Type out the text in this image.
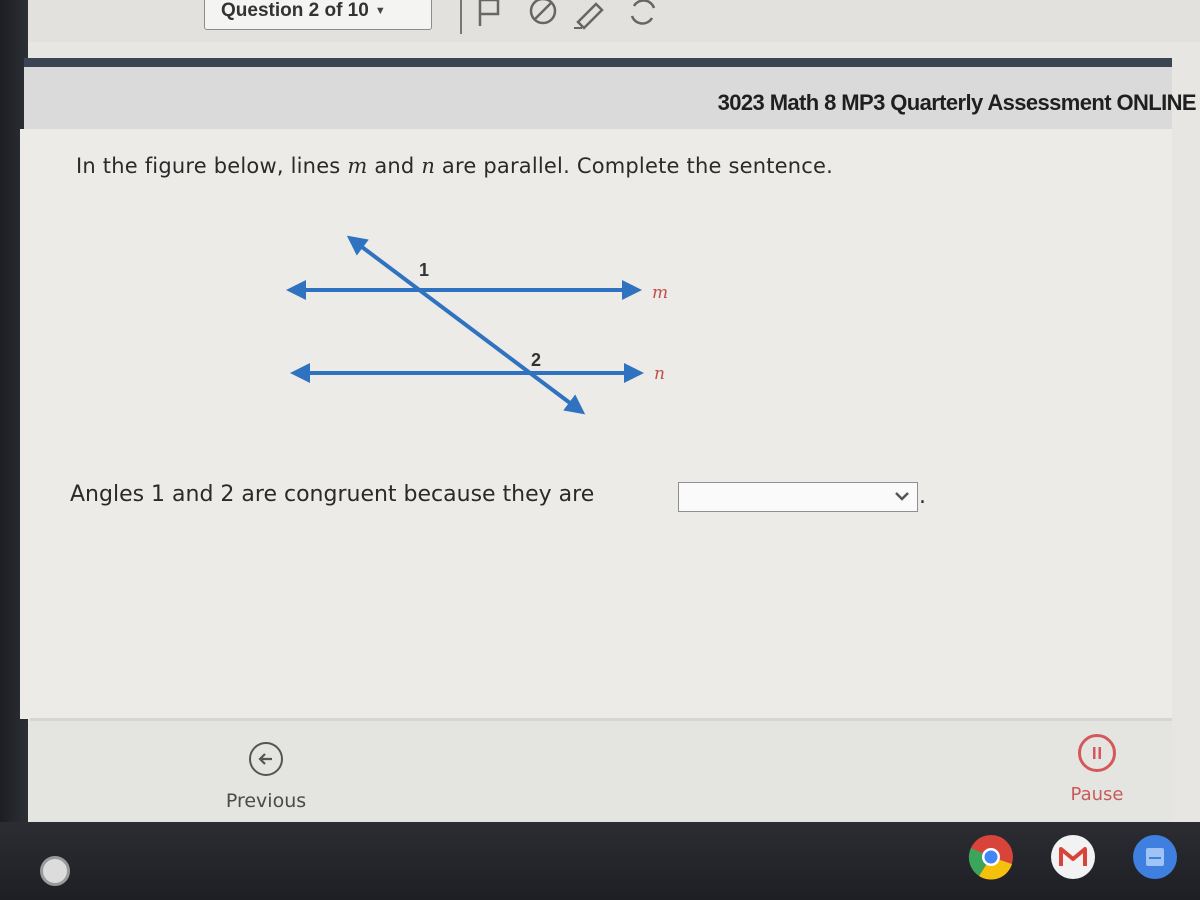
Question 2 of 10 ▼
3023 Math 8 MP3 Quarterly Assessment ONLINE
In the figure below, lines m and n are parallel. Complete the sentence.
1
2
m
n
Angles 1 and 2 are congruent because they are	.
Previous	Pause
